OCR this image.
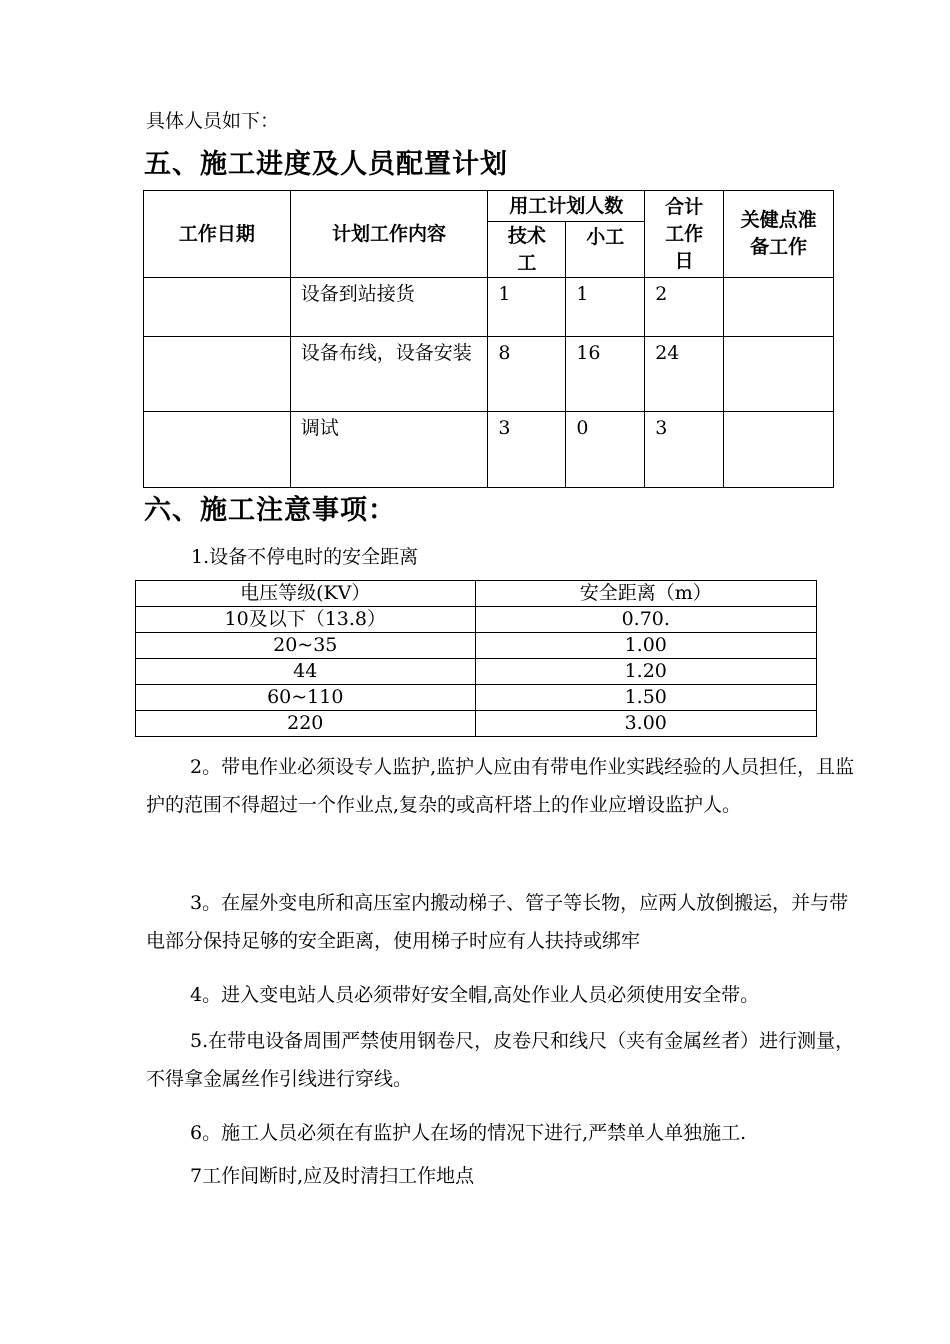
具体人员如下：
五、施工进度及人员配置计划
工作日期	计划工作内容	用工计划人数		合计工作日	关健点准备工作
		技术工	小工		
	设备到站接货	1	1	2	
	设备布线，设备安装	8	16	24	
	调试	3	0	3	
六、施工注意事项：
1.设备不停电时的安全距离
电压等级(KV）	安全距离（m）
10及以下（13.8）	0.70.
20~35	1.00
44	1.20
60~110	1.50
220	3.00
2。带电作业必须设专人监护,监护人应由有带电作业实践经验的人员担任，且监护的范围不得超过一个作业点,复杂的或高杆塔上的作业应增设监护人。
3。在屋外变电所和高压室内搬动梯子、管子等长物，应两人放倒搬运，并与带电部分保持足够的安全距离，使用梯子时应有人扶持或绑牢
4。进入变电站人员必须带好安全帽,高处作业人员必须使用安全带。
5.在带电设备周围严禁使用钢卷尺，皮卷尺和线尺（夹有金属丝者）进行测量，不得拿金属丝作引线进行穿线。
6。施工人员必须在有监护人在场的情况下进行,严禁单人单独施工.
7工作间断时,应及时清扫工作地点
